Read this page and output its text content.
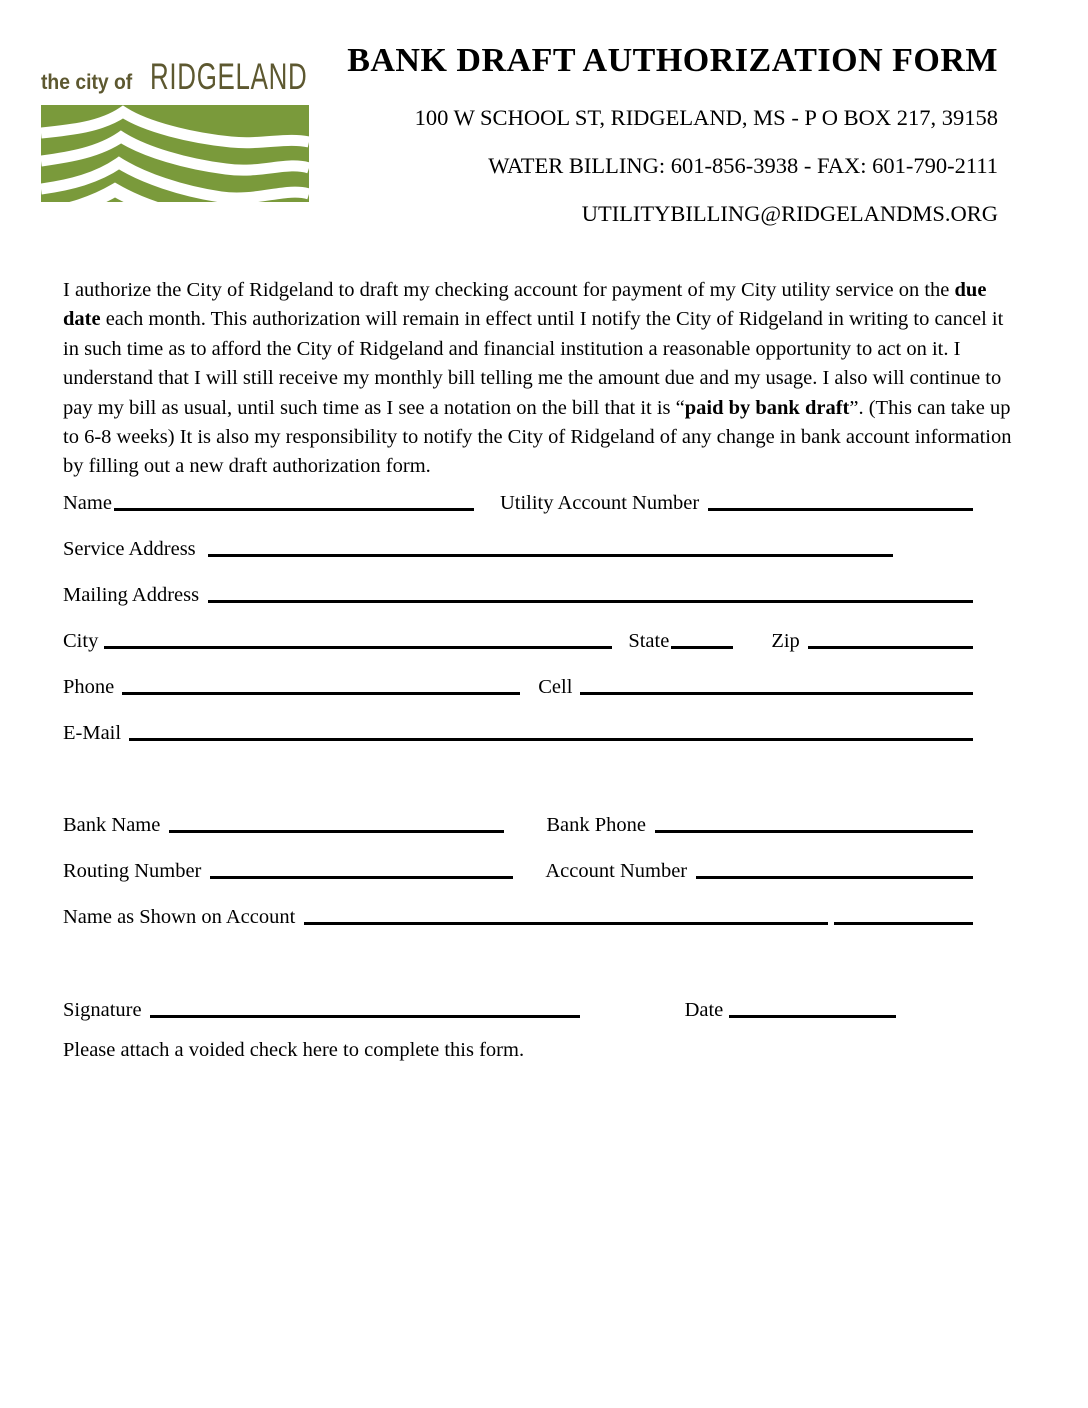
the city of RIDGELAND BANK DRAFT AUTHORIZATION FORM

100 W SCHOOL ST, RIDGELAND, MS - P O BOX 217, 39158

WATER BILLING: 601-856-3938 - FAX: 601-790-2111

UTILITYBILLING@RIDGELANDMS.ORG

I authorize the City of Ridgeland to draft my checking account for payment of my City utility service on the due date each month. This authorization will remain in effect until I notify the City of Ridgeland in writing to cancel it in such time as to afford the City of Ridgeland and financial institution a reasonable opportunity to act on it. I understand that I will still receive my monthly bill telling me the amount due and my usage. I also will continue to pay my bill as usual, until such time as I see a notation on the bill that it is “paid by bank draft”. (This can take up to 6-8 weeks) It is also my responsibility to notify the City of Ridgeland of any change in bank account information by filling out a new draft authorization form.

Name	Utility Account Number
Service Address
Mailing Address
City	State	Zip
Phone	Cell
E-Mail
Bank Name	Bank Phone
Routing Number	Account Number
Name as Shown on Account
Signature	Date
Please attach a voided check here to complete this form.
